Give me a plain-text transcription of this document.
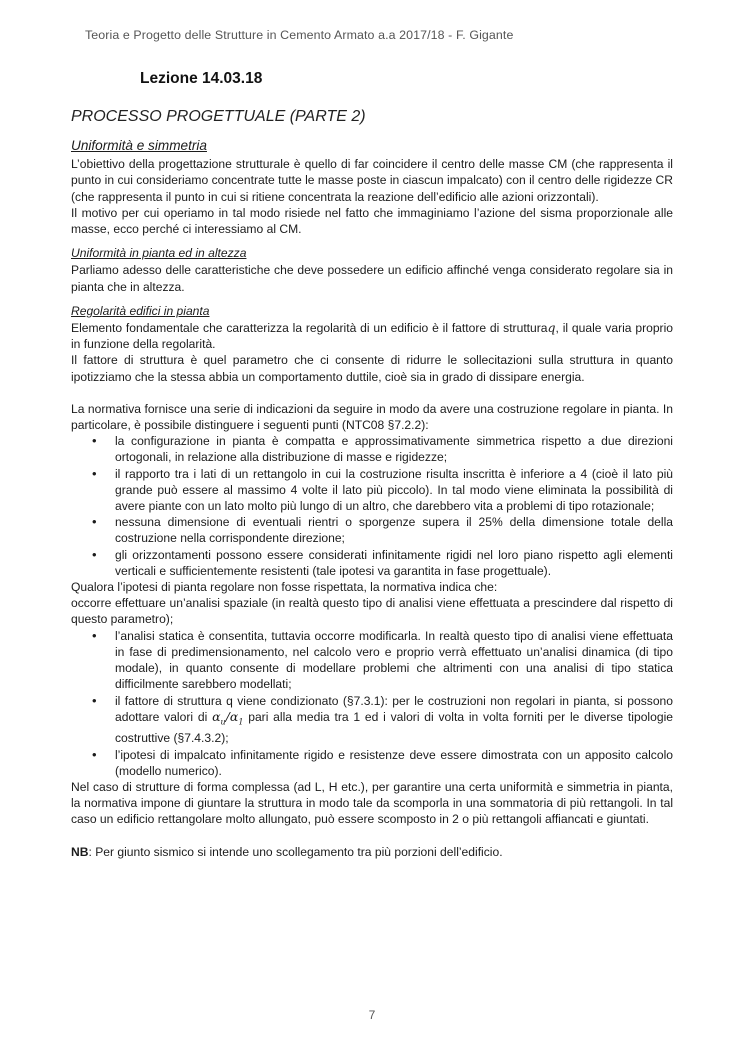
Teoria e Progetto delle Strutture in Cemento Armato a.a 2017/18 - F. Gigante
Lezione 14.03.18
PROCESSO PROGETTUALE (PARTE 2)

Uniformità e simmetria

L’obiettivo della progettazione strutturale è quello di far coincidere il centro delle masse CM (che rappresenta il punto in cui consideriamo concentrate tutte le masse poste in ciascun impalcato) con il centro delle rigidezze CR (che rappresenta il punto in cui si ritiene concentrata la reazione dell’edificio alle azioni orizzontali).

Il motivo per cui operiamo in tal modo risiede nel fatto che immaginiamo l’azione del sisma proporzionale alle masse, ecco perché ci interessiamo al CM.

Uniformità in pianta ed in altezza

Parliamo adesso delle caratteristiche che deve possedere un edificio affinché venga considerato regolare sia in pianta che in altezza.

Regolarità edifici in pianta

Elemento fondamentale che caratterizza la regolarità di un edificio è il fattore di strutturaq, il quale varia proprio in funzione della regolarità.

Il fattore di struttura è quel parametro che ci consente di ridurre le sollecitazioni sulla struttura in quanto ipotizziamo che la stessa abbia un comportamento duttile, cioè sia in grado di dissipare energia.

La normativa fornisce una serie di indicazioni da seguire in modo da avere una costruzione regolare in pianta. In particolare, è possibile distinguere i seguenti punti (NTC08 §7.2.2):

• la configurazione in pianta è compatta e approssimativamente simmetrica rispetto a due direzioni ortogonali, in relazione alla distribuzione di masse e rigidezze;
• il rapporto tra i lati di un rettangolo in cui la costruzione risulta inscritta è inferiore a 4 (cioè il lato più grande può essere al massimo 4 volte il lato più piccolo). In tal modo viene eliminata la possibilità di avere piante con un lato molto più lungo di un altro, che darebbero vita a problemi di tipo rotazionale;
• nessuna dimensione di eventuali rientri o sporgenze supera il 25% della dimensione totale della costruzione nella corrispondente direzione;
• gli orizzontamenti possono essere considerati infinitamente rigidi nel loro piano rispetto agli elementi verticali e sufficientemente resistenti (tale ipotesi va garantita in fase progettuale).

Qualora l’ipotesi di pianta regolare non fosse rispettata, la normativa indica che:

occorre effettuare un’analisi spaziale (in realtà questo tipo di analisi viene effettuata a prescindere dal rispetto di questo parametro);

• l’analisi statica è consentita, tuttavia occorre modificarla. In realtà questo tipo di analisi viene effettuata in fase di predimensionamento, nel calcolo vero e proprio verrà effettuato un’analisi dinamica (di tipo modale), in quanto consente di modellare problemi che altrimenti con una analisi di tipo statica difficilmente sarebbero modellati;
• il fattore di struttura q viene condizionato (§7.3.1): per le costruzioni non regolari in pianta, si possono adottare valori di $\alpha_u/\alpha_1$ pari alla media tra 1 ed i valori di volta in volta forniti per le diverse tipologie costruttive (§7.4.3.2);
• l’ipotesi di impalcato infinitamente rigido e resistenze deve essere dimostrata con un apposito calcolo (modello numerico).

Nel caso di strutture di forma complessa (ad L, H etc.), per garantire una certa uniformità e simmetria in pianta, la normativa impone di giuntare la struttura in modo tale da scomporla in una sommatoria di più rettangoli. In tal caso un edificio rettangolare molto allungato, può essere scomposto in 2 o più rettangoli affiancati e giuntati.

NB: Per giunto sismico si intende uno scollegamento tra più porzioni dell’edificio.

7
